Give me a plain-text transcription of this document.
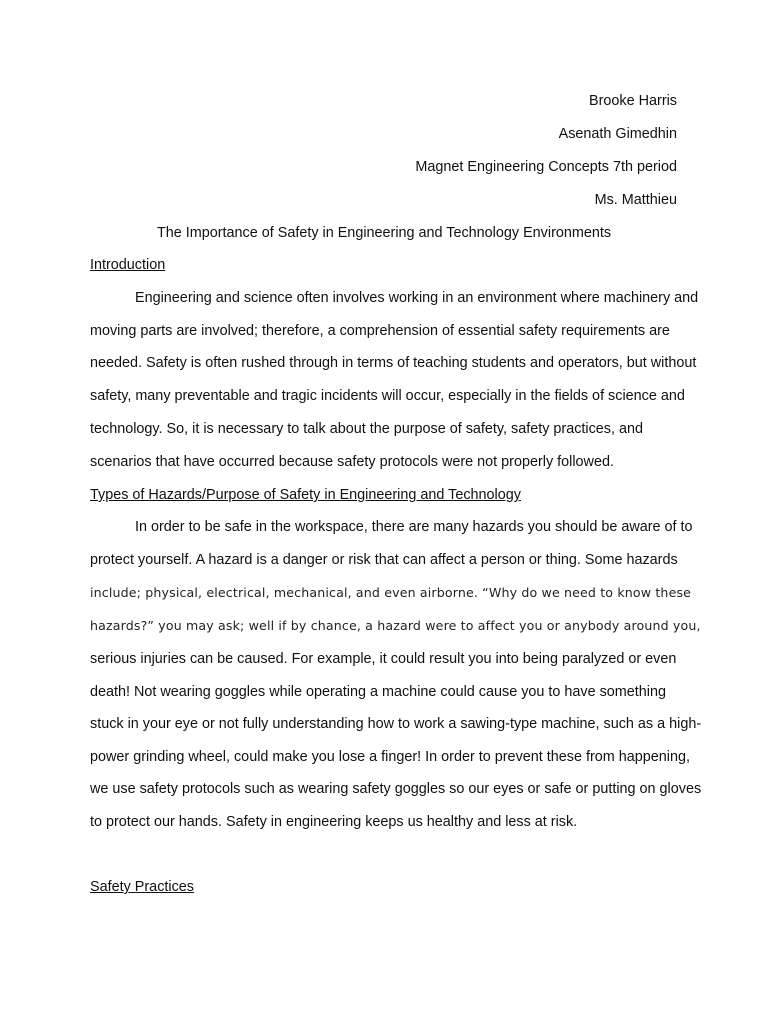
Brooke Harris
Asenath Gimedhin
Magnet Engineering Concepts 7th period
Ms. Matthieu
The Importance of Safety in Engineering and Technology Environments
Introduction
Engineering and science often involves working in an environment where machinery and
moving parts are involved; therefore, a comprehension of essential safety requirements are
needed. Safety is often rushed through in terms of teaching students and operators, but without
safety, many preventable and tragic incidents will occur, especially in the fields of science and
technology. So, it is necessary to talk about the purpose of safety, safety practices, and
scenarios that have occurred because safety protocols were not properly followed.
Types of Hazards/Purpose of Safety in Engineering and Technology
In order to be safe in the workspace, there are many hazards you should be aware of to
protect yourself. A hazard is a danger or risk that can affect a person or thing. Some hazards
include; physical, electrical, mechanical, and even airborne. “Why do we need to know these
hazards?” you may ask; well if by chance, a hazard were to affect you or anybody around you,
serious injuries can be caused. For example, it could result you into being paralyzed or even
death! Not wearing goggles while operating a machine could cause you to have something
stuck in your eye or not fully understanding how to work a sawing-type machine, such as a high-
power grinding wheel, could make you lose a finger! In order to prevent these from happening,
we use safety protocols such as wearing safety goggles so our eyes or safe or putting on gloves
to protect our hands. Safety in engineering keeps us healthy and less at risk.
Safety Practices
